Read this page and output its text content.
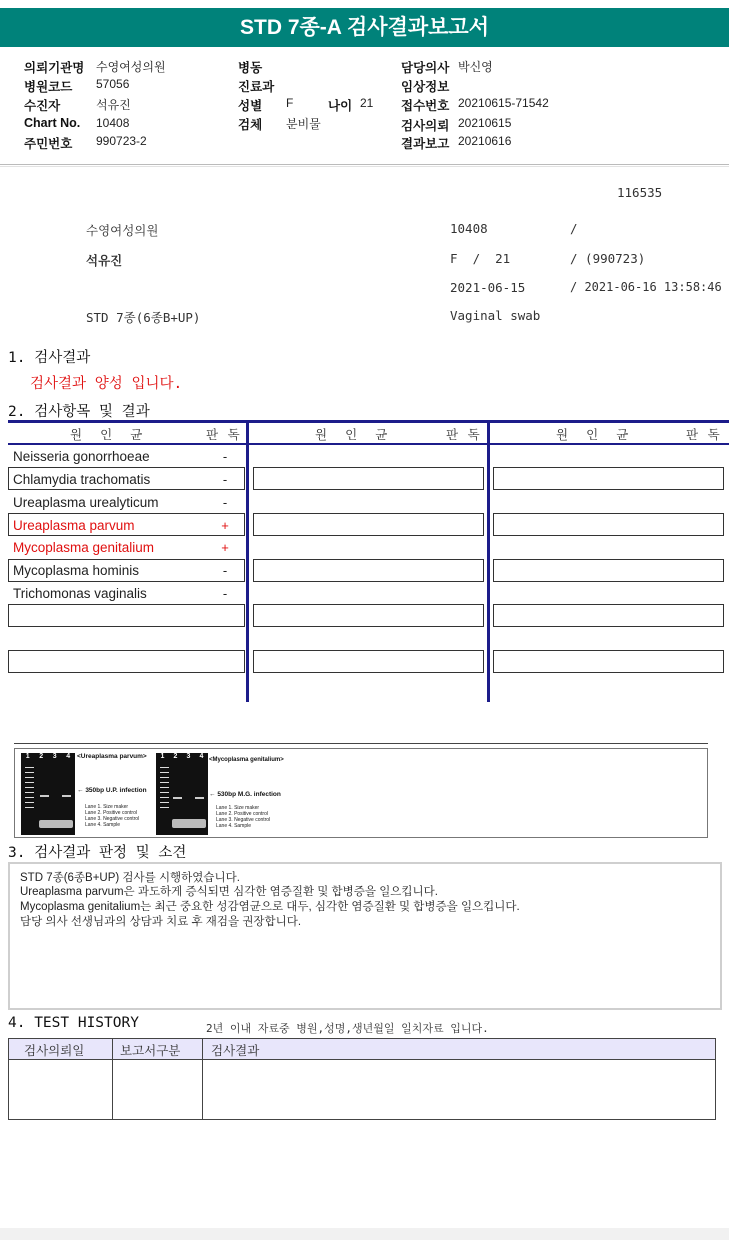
STD 7종-A 검사결과보고서
의뢰기관명 수영여성의원
병원코드 57056
수진자	석유진
Chart No. 10408
주민번호 990723-2
병동
진료과
성별 F	나이 21
검체 분비물
담당의사 박신영
임상정보
접수번호 20210615-71542
검사의뢰 20210615
결과보고 20210616
116535
수영여성의원	10408	/
석유진	F  /  21	/ (990723)
2021-06-15	/ 2021-06-16 13:58:46
STD 7종(6종B+UP)	Vaginal swab
1. 검사결과
검사결과 양성 입니다.
2. 검사항목 및 결과
원  인  균	판 독	원  인  균	판 독	원  인  균	판 독
Neisseria gonorrhoeae	-
Chlamydia trachomatis	-
Ureaplasma urealyticum	-
Ureaplasma parvum	+
Mycoplasma genitalium	+
Mycoplasma hominis	-
Trichomonas vaginalis	-
1 2 3 4 <Ureaplasma parvum>
← 350bp U.P. infection
Lane 1. Size maker
Lane 2. Positive control
Lane 3. Negative control
Lane 4. Sample
1 2 3 4 <Mycoplasma genitalium>
← 530bp M.G. infection
Lane 1. Size maker
Lane 2. Positive control
Lane 3. Negative control
Lane 4. Sample
3. 검사결과 판정 및 소견
STD 7종(6종B+UP) 검사를 시행하였습니다.
Ureaplasma parvum은 과도하게 증식되면 심각한 염증질환 및 합병증을 일으킵니다.
Mycoplasma genitalium는 최근 중요한 성감염균으로 대두, 심각한 염증질환 및 합병증을 일으킵니다.
담당 의사 선생님과의 상담과 치료 후 재검을 권장합니다.
4. TEST HISTORY	2년 이내 자료중 병원,성명,생년월일 일치자료 입니다.
검사의뢰일	보고서구분 검사결과
